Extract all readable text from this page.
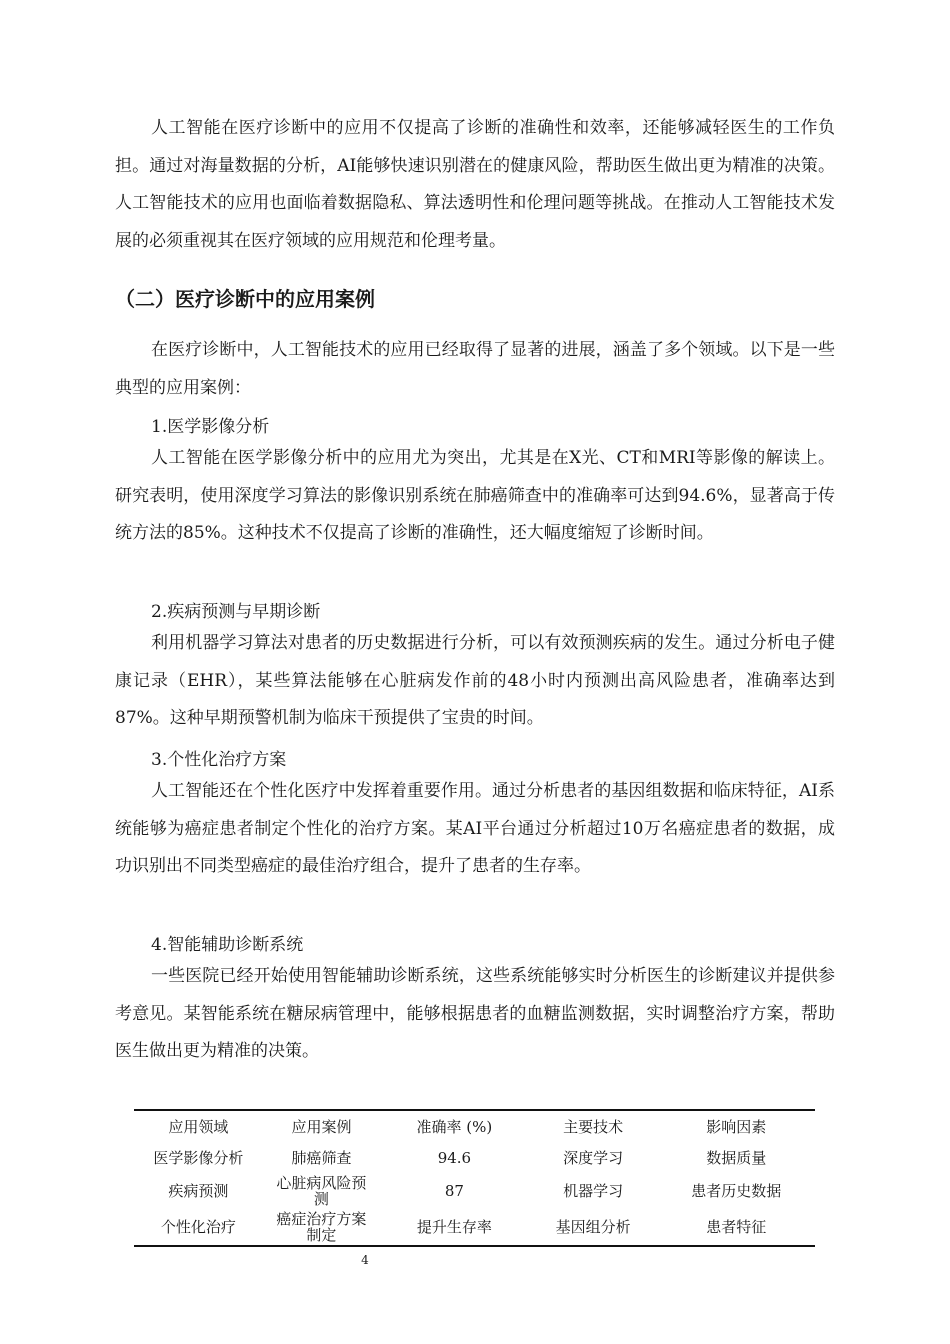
人工智能在医疗诊断中的应用不仅提高了诊断的准确性和效率，还能够减轻医生的工作负担。通过对海量数据的分析，AI能够快速识别潜在的健康风险，帮助医生做出更为精准的决策。人工智能技术的应用也面临着数据隐私、算法透明性和伦理问题等挑战。在推动人工智能技术发展的必须重视其在医疗领域的应用规范和伦理考量。

（二）医疗诊断中的应用案例

在医疗诊断中，人工智能技术的应用已经取得了显著的进展，涵盖了多个领域。以下是一些典型的应用案例：

1.医学影像分析

人工智能在医学影像分析中的应用尤为突出，尤其是在X光、CT和MRI等影像的解读上。研究表明，使用深度学习算法的影像识别系统在肺癌筛查中的准确率可达到94.6%，显著高于传统方法的85%。这种技术不仅提高了诊断的准确性，还大幅度缩短了诊断时间。

2.疾病预测与早期诊断

利用机器学习算法对患者的历史数据进行分析，可以有效预测疾病的发生。通过分析电子健康记录（EHR），某些算法能够在心脏病发作前的48小时内预测出高风险患者，准确率达到87%。这种早期预警机制为临床干预提供了宝贵的时间。

3.个性化治疗方案

人工智能还在个性化医疗中发挥着重要作用。通过分析患者的基因组数据和临床特征，AI系统能够为癌症患者制定个性化的治疗方案。某AI平台通过分析超过10万名癌症患者的数据，成功识别出不同类型癌症的最佳治疗组合，提升了患者的生存率。

4.智能辅助诊断系统

一些医院已经开始使用智能辅助诊断系统，这些系统能够实时分析医生的诊断建议并提供参考意见。某智能系统在糖尿病管理中，能够根据患者的血糖监测数据，实时调整治疗方案，帮助医生做出更为精准的决策。

应用领域	应用案例	准确率 (%)	主要技术	影响因素
医学影像分析	肺癌筛查	94.6	深度学习	数据质量
疾病预测	心脏病风险预测	87	机器学习	患者历史数据
个性化治疗	癌症治疗方案制定	提升生存率	基因组分析	患者特征
4
